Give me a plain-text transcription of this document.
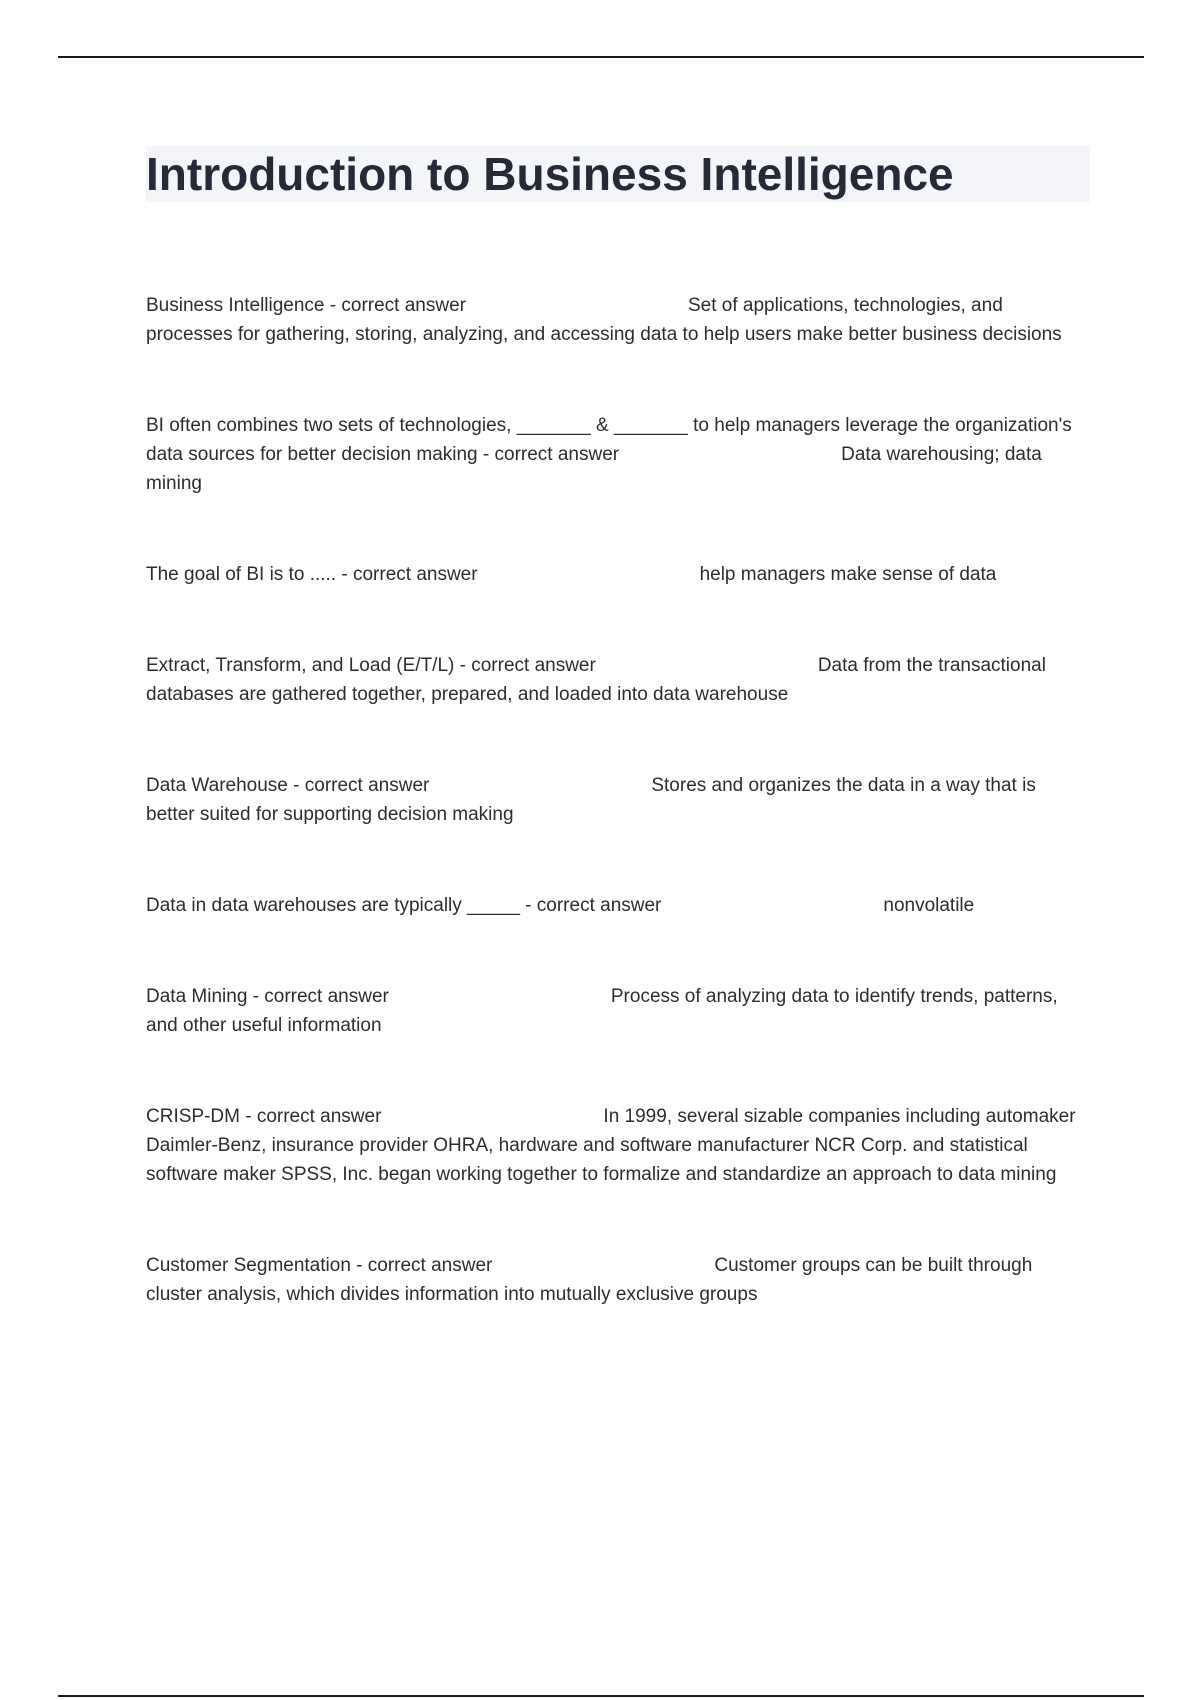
Introduction to Business Intelligence

Business Intelligence - correct answer	Set of applications, technologies, and processes for gathering, storing, analyzing, and accessing data to help users make better business decisions

BI often combines two sets of technologies, _______ & _______ to help managers leverage the organization's data sources for better decision making - correct answer	Data warehousing; data mining

The goal of BI is to ..... - correct answer	help managers make sense of data

Extract, Transform, and Load (E/T/L) - correct answer	Data from the transactional databases are gathered together, prepared, and loaded into data warehouse

Data Warehouse - correct answer	Stores and organizes the data in a way that is better suited for supporting decision making

Data in data warehouses are typically _____ - correct answer	nonvolatile

Data Mining - correct answer	Process of analyzing data to identify trends, patterns, and other useful information

CRISP-DM - correct answer	In 1999, several sizable companies including automaker Daimler-Benz, insurance provider OHRA, hardware and software manufacturer NCR Corp. and statistical software maker SPSS, Inc. began working together to formalize and standardize an approach to data mining

Customer Segmentation - correct answer	Customer groups can be built through cluster analysis, which divides information into mutually exclusive groups
